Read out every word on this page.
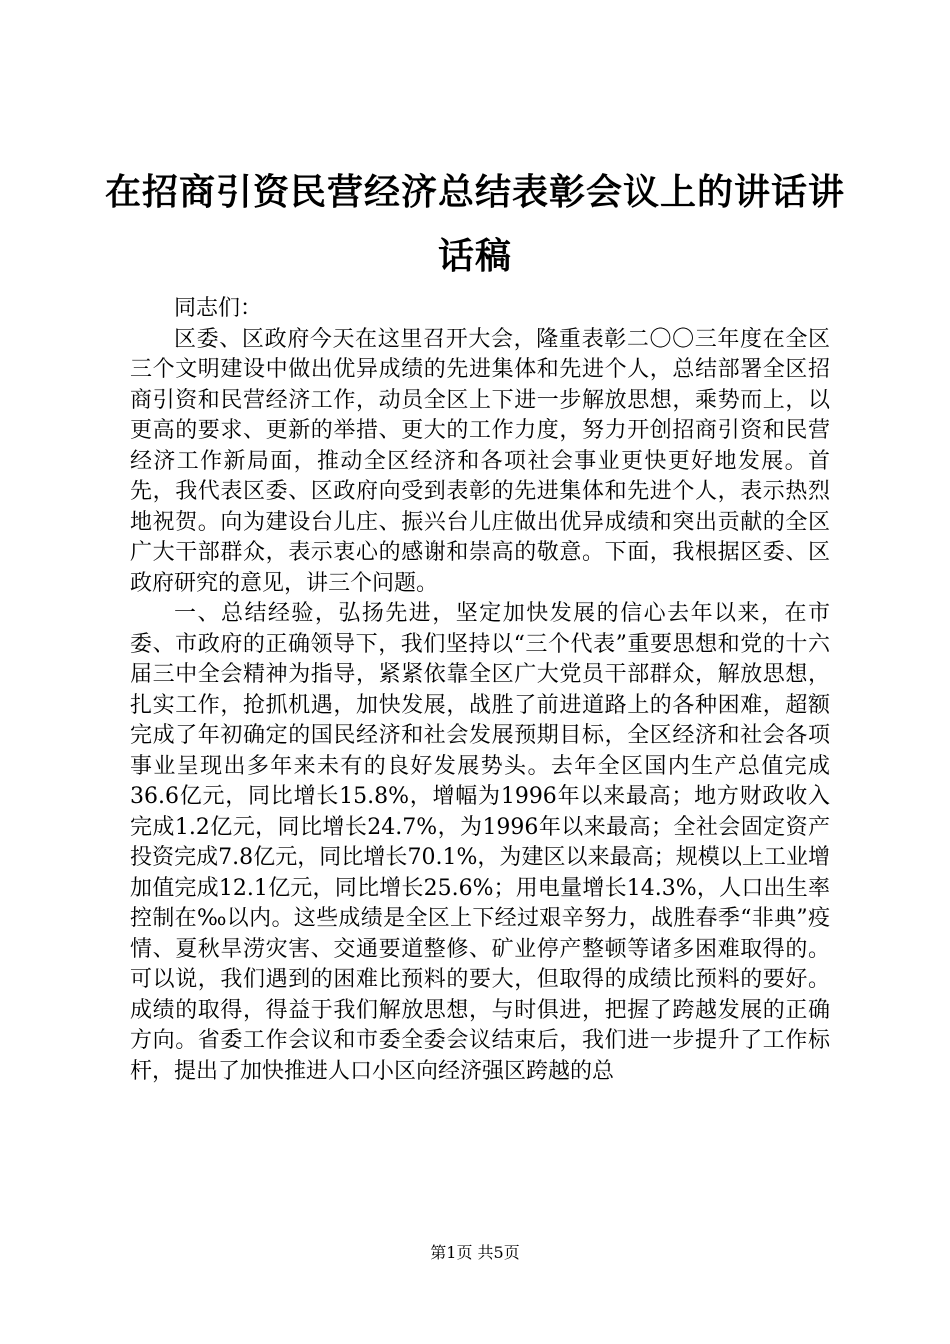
在招商引资民营经济总结表彰会议上的讲话讲话稿

同志们：

区委、区政府今天在这里召开大会，隆重表彰二〇〇三年度在全区三个文明建设中做出优异成绩的先进集体和先进个人，总结部署全区招商引资和民营经济工作，动员全区上下进一步解放思想，乘势而上，以更高的要求、更新的举措、更大的工作力度，努力开创招商引资和民营经济工作新局面，推动全区经济和各项社会事业更快更好地发展。首先，我代表区委、区政府向受到表彰的先进集体和先进个人，表示热烈地祝贺。向为建设台儿庄、振兴台儿庄做出优异成绩和突出贡献的全区广大干部群众，表示衷心的感谢和崇高的敬意。下面，我根据区委、区政府研究的意见，讲三个问题。

一、总结经验，弘扬先进，坚定加快发展的信心去年以来，在市委、市政府的正确领导下，我们坚持以“三个代表”重要思想和党的十六届三中全会精神为指导，紧紧依靠全区广大党员干部群众，解放思想，扎实工作，抢抓机遇，加快发展，战胜了前进道路上的各种困难，超额完成了年初确定的国民经济和社会发展预期目标，全区经济和社会各项事业呈现出多年来未有的良好发展势头。去年全区国内生产总值完成36.6亿元，同比增长15.8%，增幅为1996年以来最高；地方财政收入完成1.2亿元，同比增长24.7%，为1996年以来最高；全社会固定资产投资完成7.8亿元，同比增长70.1%，为建区以来最高；规模以上工业增加值完成12.1亿元，同比增长25.6%；用电量增长14.3%，人口出生率控制在‰以内。这些成绩是全区上下经过艰辛努力，战胜春季“非典”疫情、夏秋旱涝灾害、交通要道整修、矿业停产整顿等诸多困难取得的。可以说，我们遇到的困难比预料的要大，但取得的成绩比预料的要好。成绩的取得，得益于我们解放思想，与时俱进，把握了跨越发展的正确方向。省委工作会议和市委全委会议结束后，我们进一步提升了工作标杆，提出了加快推进人口小区向经济强区跨越的总

第1页 共5页
